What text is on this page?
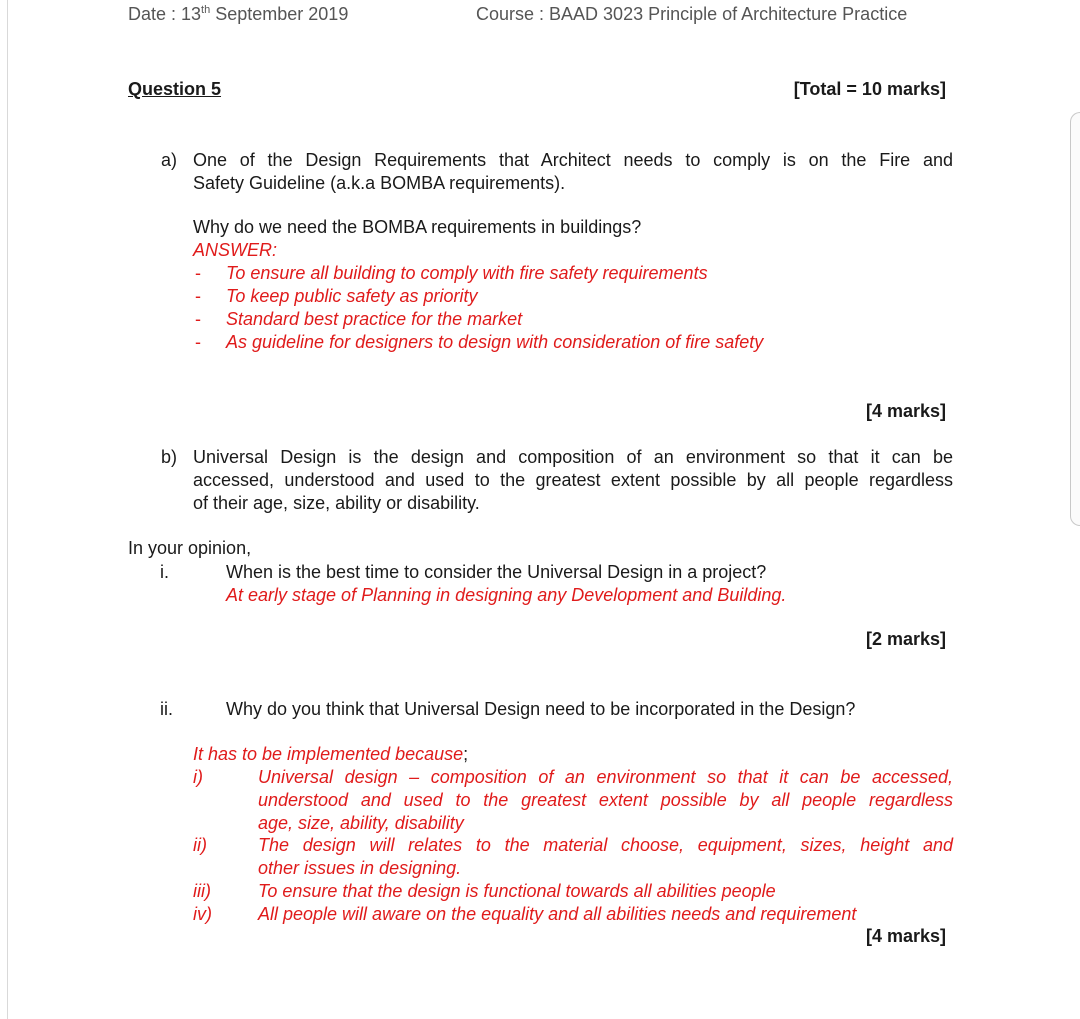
Date : 13th September 2019	Course : BAAD 3023 Principle of Architecture Practice
Question 5	[Total = 10 marks]
a) One of the Design Requirements that Architect needs to comply is on the Fire and
Safety Guideline (a.k.a BOMBA requirements).
Why do we need the BOMBA requirements in buildings?
ANSWER:
- To ensure all building to comply with fire safety requirements
- To keep public safety as priority
- Standard best practice for the market
- As guideline for designers to design with consideration of fire safety
[4 marks]
b) Universal Design is the design and composition of an environment so that it can be
accessed, understood and used to the greatest extent possible by all people regardless
of their age, size, ability or disability.
In your opinion,
i.	When is the best time to consider the Universal Design in a project?
At early stage of Planning in designing any Development and Building.
[2 marks]
ii.	Why do you think that Universal Design need to be incorporated in the Design?
It has to be implemented because;
i)	Universal design – composition of an environment so that it can be accessed,
understood and used to the greatest extent possible by all people regardless
age, size, ability, disability
ii)	The design will relates to the material choose, equipment, sizes, height and
other issues in designing.
iii)	To ensure that the design is functional towards all abilities people
iv)	All people will aware on the equality and all abilities needs and requirement
[4 marks]
